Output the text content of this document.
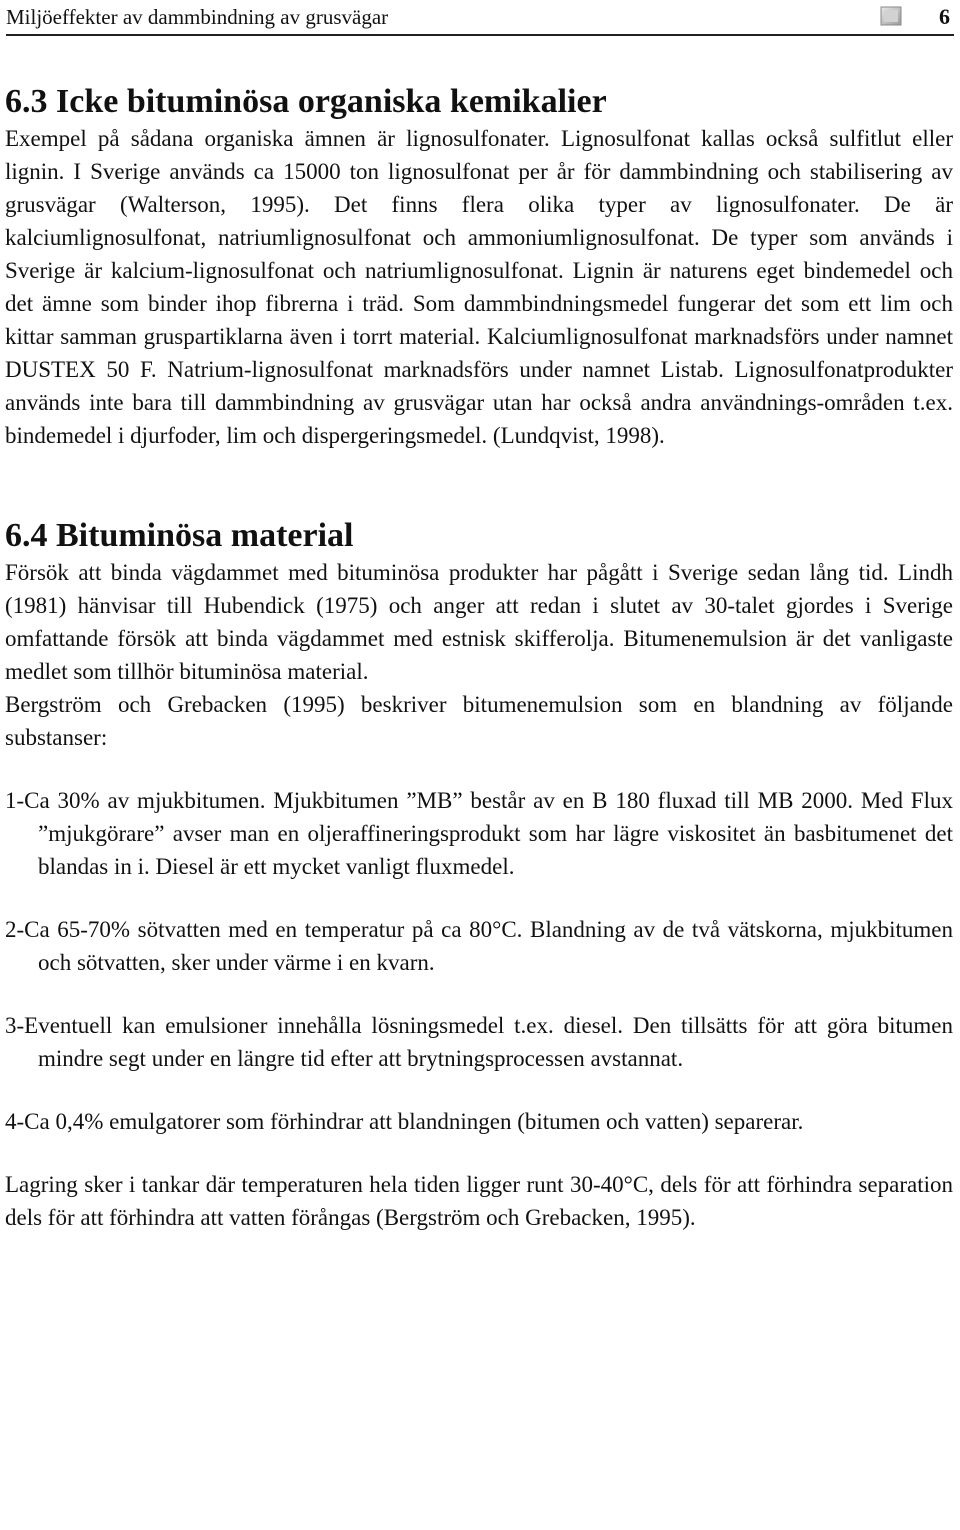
Miljöeffekter av dammbindning av grusvägar	6
6.3 Icke bituminösa organiska kemikalier

Exempel på sådana organiska ämnen är lignosulfonater. Lignosulfonat kallas också sulfitlut eller lignin. I Sverige används ca 15000 ton lignosulfonat per år för dammbindning och stabilisering av grusvägar (Walterson, 1995). Det finns flera olika typer av lignosulfonater. De är kalciumlignosulfonat, natriumlignosulfonat och ammoniumlignosulfonat. De typer som används i Sverige är kalcium-lignosulfonat och natriumlignosulfonat. Lignin är naturens eget bindemedel och det ämne som binder ihop fibrerna i träd. Som dammbindningsmedel fungerar det som ett lim och kittar samman gruspartiklarna även i torrt material. Kalciumlignosulfonat marknadsförs under namnet DUSTEX 50 F. Natrium-lignosulfonat marknadsförs under namnet Listab. Lignosulfonatprodukter används inte bara till dammbindning av grusvägar utan har också andra användnings-områden t.ex. bindemedel i djurfoder, lim och dispergeringsmedel. (Lundqvist, 1998).

6.4 Bituminösa material

Försök att binda vägdammet med bituminösa produkter har pågått i Sverige sedan lång tid. Lindh (1981) hänvisar till Hubendick (1975) och anger att redan i slutet av 30-talet gjordes i Sverige omfattande försök att binda vägdammet med estnisk skifferolja. Bitumenemulsion är det vanligaste medlet som tillhör bituminösa material.

Bergström och Grebacken (1995) beskriver bitumenemulsion som en blandning av följande substanser:

1-Ca 30% av mjukbitumen. Mjukbitumen ”MB” består av en B 180 fluxad till MB 2000. Med Flux ”mjukgörare” avser man en oljeraffineringsprodukt som har lägre viskositet än basbitumenet det blandas in i. Diesel är ett mycket vanligt fluxmedel.

2-Ca 65-70% sötvatten med en temperatur på ca 80°C. Blandning av de två vätskorna, mjukbitumen och sötvatten, sker under värme i en kvarn.

3-Eventuell kan emulsioner innehålla lösningsmedel t.ex. diesel. Den tillsätts för att göra bitumen mindre segt under en längre tid efter att brytningsprocessen avstannat.

4-Ca 0,4% emulgatorer som förhindrar att blandningen (bitumen och vatten) separerar.

Lagring sker i tankar där temperaturen hela tiden ligger runt 30-40°C, dels för att förhindra separation dels för att förhindra att vatten förångas (Bergström och Grebacken, 1995).
